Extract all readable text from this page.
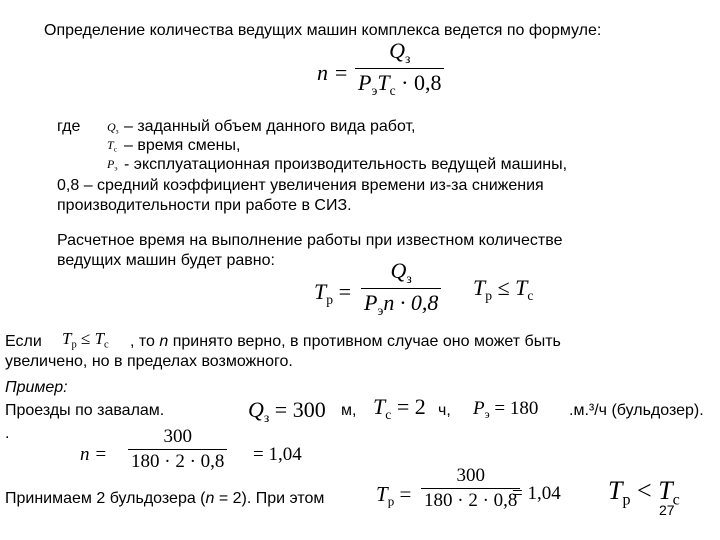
Определение количества ведущих машин комплекса ведется по формуле:
n =
$Q_з$
$P_эT_с \cdot 0,8$
где $Q_з$ – заданный объем данного вида работ,
$T_с$ – время смены,
$P_э$ - эксплуатационная производительность ведущей машины,
0,8 – средний коэффициент увеличения времени из-за снижения
производительности при работе в СИЗ.
Расчетное время на выполнение работы при известном количестве
ведущих машин будет равно:
$T_р$ =
$Q_з$
$P_эn \cdot 0,8$
$T_р \le T_с$
Если $T_р \le T_с$ , то n принято верно, в противном случае оно может быть
увеличено, но в пределах возможного.
Пример:
Проезды по завалам.
.
$Q_з = 300$ м, $T_с = 2$ ч, $P_э = 180$ .м.³/ч (бульдозер).
n =
300
180 · 2 · 0,8 = 1,04
Принимаем 2 бульдозера (n = 2). При этом $T_р$ =
300
180 · 2 · 0,8
= 1,04 $T_р < T_с$
27
